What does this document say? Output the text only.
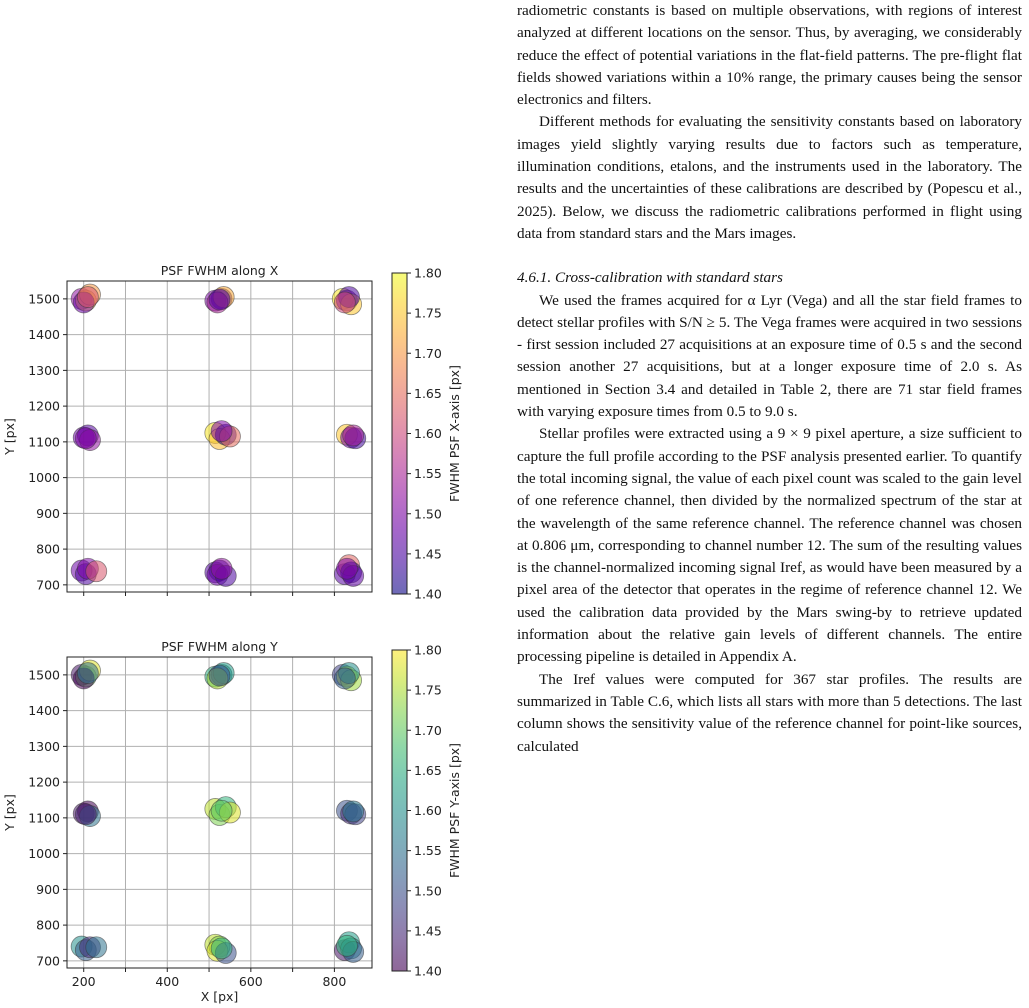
700
800
900
1000
1100
1200
1300
1400
1500
PSF FWHM along X
Y [px]
1.40
1.45
1.50
1.55
1.60
1.65
1.70
1.75
1.80
FWHM PSF X-axis [px]
200	400	600	800
700
800
900
1000
1100
1200
1300
1400
1500
PSF FWHM along Y
Y [px]
X [px]
1.40
1.45
1.50
1.55
1.60
1.65
1.70
1.75
1.80
FWHM PSF Y-axis [px]

radiometric constants is based on multiple observations, with regions of interest analyzed at different locations on the sensor. Thus, by averaging, we considerably reduce the effect of potential variations in the flat-field patterns. The pre-flight flat fields showed variations within a 10% range, the primary causes being the sensor electronics and filters.

Different methods for evaluating the sensitivity constants based on laboratory images yield slightly varying results due to factors such as temperature, illumination conditions, etalons, and the instruments used in the laboratory. The results and the uncertainties of these calibrations are described by (Popescu et al., 2025). Below, we discuss the radiometric calibrations performed in flight using data from standard stars and the Mars images.

4.6.1. Cross-calibration with standard stars

We used the frames acquired for α Lyr (Vega) and all the star field frames to detect stellar profiles with S/N ≥ 5. The Vega frames were acquired in two sessions - first session included 27 acquisitions at an exposure time of 0.5 s and the second session another 27 acquisitions, but at a longer exposure time of 2.0 s. As mentioned in Section 3.4 and detailed in Table 2, there are 71 star field frames with varying exposure times from 0.5 to 9.0 s.

Stellar profiles were extracted using a 9 × 9 pixel aperture, a size sufficient to capture the full profile according to the PSF analysis presented earlier. To quantify the total incoming signal, the value of each pixel count was scaled to the gain level of one reference channel, then divided by the normalized spectrum of the star at the wavelength of the same reference channel. The reference channel was chosen at 0.806 μm, corresponding to channel number 12. The sum of the resulting values is the channel-normalized incoming signal Iref, as would have been measured by a pixel area of the detector that operates in the regime of reference channel 12. We used the calibration data provided by the Mars swing-by to retrieve updated information about the relative gain levels of different channels. The entire processing pipeline is detailed in Appendix A.

The Iref values were computed for 367 star profiles. The results are summarized in Table C.6, which lists all stars with more than 5 detections. The last column shows the sensitivity value of the reference channel for point-like sources, calculated
